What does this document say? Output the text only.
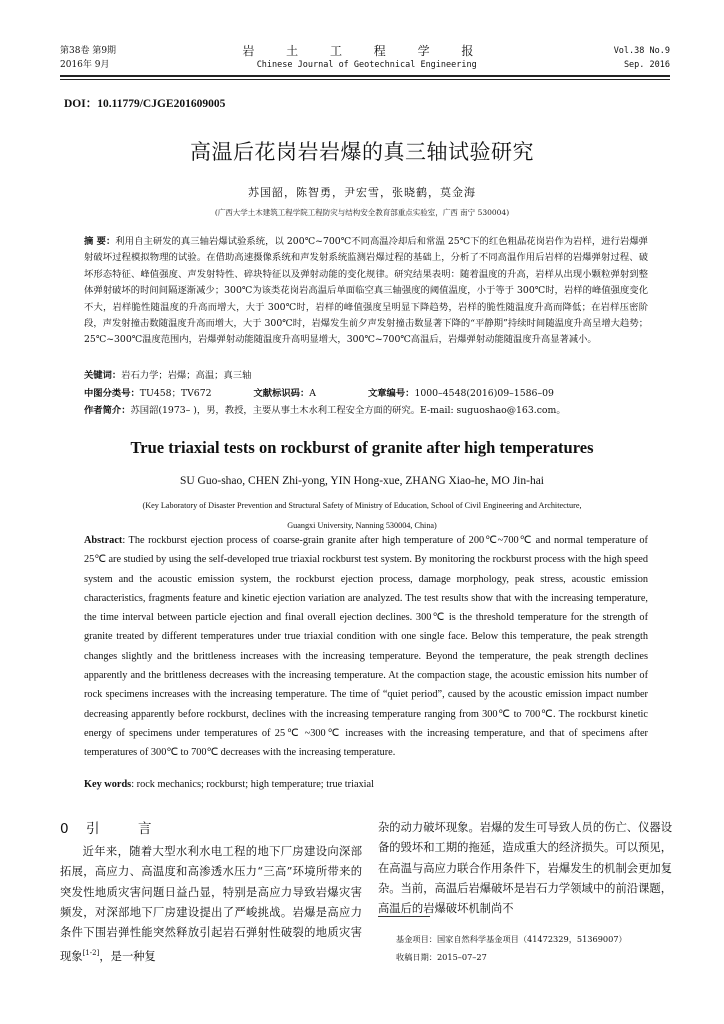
第38卷 第9期	岩 土 工 程 学 报	Vol.38 No.9
2016年 9月	Chinese Journal of Geotechnical Engineering	Sep. 2016
DOI：10.11779/CJGE201609005
高温后花岗岩岩爆的真三轴试验研究
苏国韶，陈智勇，尹宏雪，张晓鹤，莫金海
(广西大学土木建筑工程学院工程防灾与结构安全教育部重点实验室，广西 南宁 530004)
摘 要：利用自主研发的真三轴岩爆试验系统，以 200℃~700℃不同高温冷却后和常温 25℃下的红色粗晶花岗岩作为岩样，进行岩爆弹射破坏过程模拟物理的试验。在借助高速摄像系统和声发射系统监测岩爆过程的基础上，分析了不同高温作用后岩样的岩爆弹射过程、破坏形态特征、峰值强度、声发射特性、碎块特征以及弹射动能的变化规律。研究结果表明：随着温度的升高，岩样从出现小颗粒弹射到整体弹射破坏的时间间隔逐渐减少；300℃为该类花岗岩高温后单面临空真三轴强度的阈值温度，小于等于 300℃时，岩样的峰值强度变化不大，岩样脆性随温度的升高而增大，大于 300℃时，岩样的峰值强度呈明显下降趋势，岩样的脆性随温度升高而降低；在岩样压密阶段，声发射撞击数随温度升高而增大，大于 300℃时，岩爆发生前夕声发射撞击数显著下降的“平静期”持续时间随温度升高呈增大趋势；25℃~300℃温度范围内，岩爆弹射动能随温度升高明显增大，300℃~700℃高温后，岩爆弹射动能随温度升高显著减小。
关键词：岩石力学；岩爆；高温；真三轴
中图分类号：TU458；TV672	文献标识码：A	文章编号：1000–4548(2016)09–1586–09
作者简介：苏国韶(1973– )，男，教授，主要从事土木水利工程安全方面的研究。E-mail: suguoshao@163.com。
True triaxial tests on rockburst of granite after high temperatures
SU Guo-shao, CHEN Zhi-yong, YIN Hong-xue, ZHANG Xiao-he, MO Jin-hai
(Key Laboratory of Disaster Prevention and Structural Safety of Ministry of Education, School of Civil Engineering and Architecture,
Guangxi University, Nanning 530004, China)
Abstract: The rockburst ejection process of coarse-grain granite after high temperature of 200℃~700℃ and normal temperature of 25℃ are studied by using the self-developed true triaxial rockburst test system. By monitoring the rockburst process with the high speed system and the acoustic emission system, the rockburst ejection process, damage morphology, peak stress, acoustic emission characteristics, fragments feature and kinetic ejection variation are analyzed. The test results show that with the increasing temperature, the time interval between particle ejection and final overall ejection declines. 300℃ is the threshold temperature for the strength of granite treated by different temperatures under true triaxial condition with one single face. Below this temperature, the peak strength changes slightly and the brittleness increases with the increasing temperature. Beyond the temperature, the peak strength declines apparently and the brittleness decreases with the increasing temperature. At the compaction stage, the acoustic emission hits number of rock specimens increases with the increasing temperature. The time of “quiet period”, caused by the acoustic emission impact number decreasing apparently before rockburst, declines with the increasing temperature ranging from 300℃ to 700℃. The rockburst kinetic energy of specimens under temperatures of 25℃ ~300℃ increases with the increasing temperature, and that of specimens after temperatures of 300℃ to 700℃ decreases with the increasing temperature.
Key words: rock mechanics; rockburst; high temperature; true triaxial
0 引	言

近年来，随着大型水利水电工程的地下厂房建设向深部拓展，高应力、高温度和高渗透水压力“三高”环境所带来的突发性地质灾害问题日益凸显，特别是高应力导致岩爆灾害频发，对深部地下厂房建设提出了严峻挑战。岩爆是高应力条件下围岩弹性能突然释放引起岩石弹射性破裂的地质灾害现象[1-2]，是一种复

杂的动力破坏现象。岩爆的发生可导致人员的伤亡、仪器设备的毁坏和工期的拖延，造成重大的经济损失。可以预见，在高温与高应力联合作用条件下，岩爆发生的机制会更加复杂。当前，高温后岩爆破坏是岩石力学领域中的前沿课题，高温后的岩爆破坏机制尚不

基金项目：国家自然科学基金项目（41472329，51369007）
收稿日期：2015–07–27
